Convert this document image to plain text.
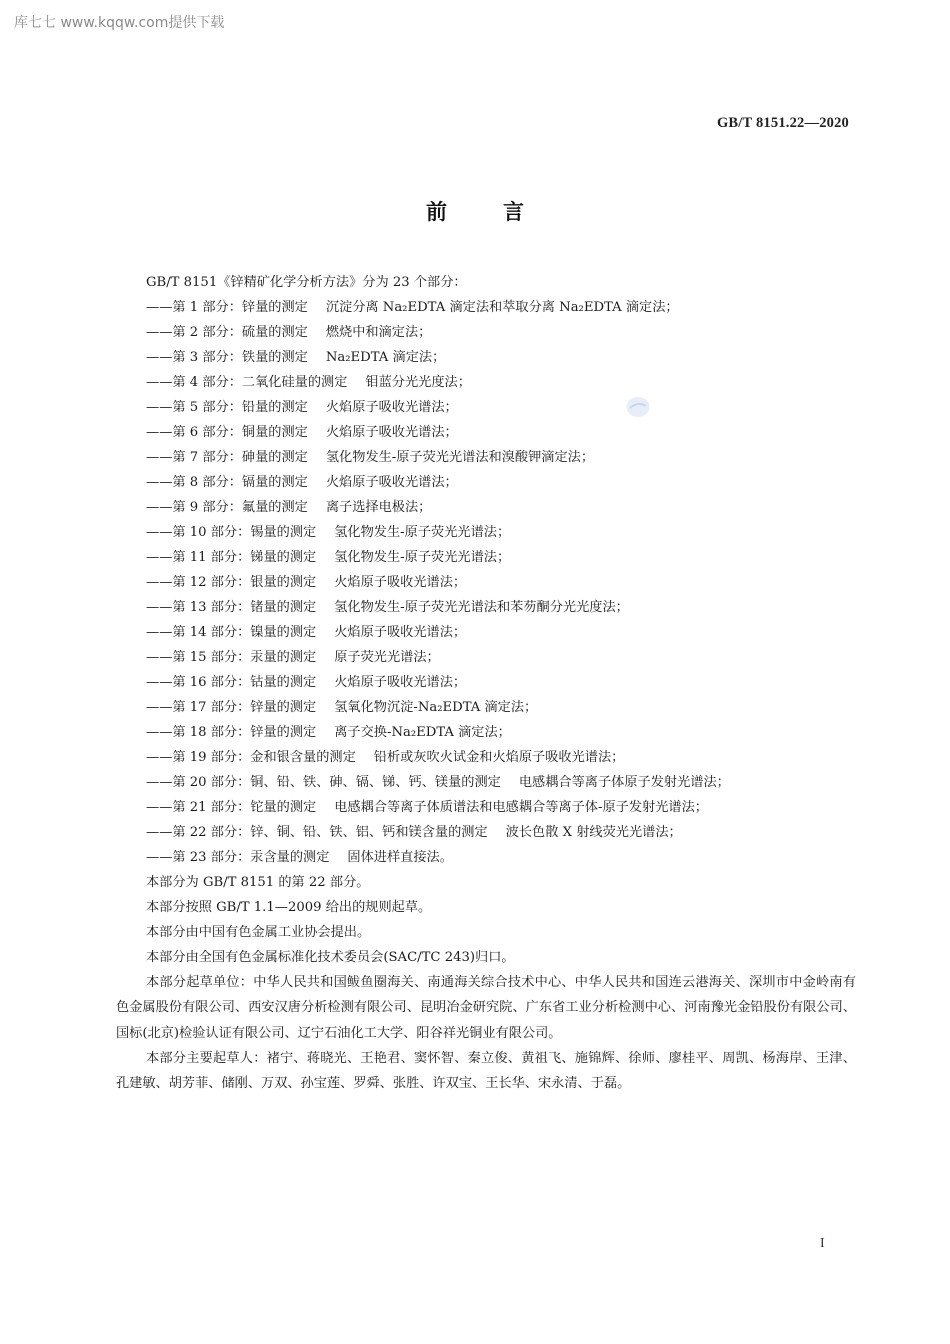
库七七 www.kqqw.com提供下载
GB/T 8151.22—2020
前言
GB/T 8151《锌精矿化学分析方法》分为 23 个部分：
——第 1 部分：锌量的测定 沉淀分离 Na₂EDTA 滴定法和萃取分离 Na₂EDTA 滴定法；
——第 2 部分：硫量的测定 燃烧中和滴定法；
——第 3 部分：铁量的测定 Na₂EDTA 滴定法；
——第 4 部分：二氧化硅量的测定 钼蓝分光光度法；
——第 5 部分：铅量的测定 火焰原子吸收光谱法；
——第 6 部分：铜量的测定 火焰原子吸收光谱法；
——第 7 部分：砷量的测定 氢化物发生-原子荧光光谱法和溴酸钾滴定法；
——第 8 部分：镉量的测定 火焰原子吸收光谱法；
——第 9 部分：氟量的测定 离子选择电极法；
——第 10 部分：锡量的测定 氢化物发生-原子荧光光谱法；
——第 11 部分：锑量的测定 氢化物发生-原子荧光光谱法；
——第 12 部分：银量的测定 火焰原子吸收光谱法；
——第 13 部分：锗量的测定 氢化物发生-原子荧光光谱法和苯芴酮分光光度法；
——第 14 部分：镍量的测定 火焰原子吸收光谱法；
——第 15 部分：汞量的测定 原子荧光光谱法；
——第 16 部分：钴量的测定 火焰原子吸收光谱法；
——第 17 部分：锌量的测定 氢氧化物沉淀-Na₂EDTA 滴定法；
——第 18 部分：锌量的测定 离子交换-Na₂EDTA 滴定法；
——第 19 部分：金和银含量的测定 铅析或灰吹火试金和火焰原子吸收光谱法；
——第 20 部分：铜、铅、铁、砷、镉、锑、钙、镁量的测定 电感耦合等离子体原子发射光谱法；
——第 21 部分：铊量的测定 电感耦合等离子体质谱法和电感耦合等离子体-原子发射光谱法；
——第 22 部分：锌、铜、铅、铁、铝、钙和镁含量的测定 波长色散 X 射线荧光光谱法；
——第 23 部分：汞含量的测定 固体进样直接法。
本部分为 GB/T 8151 的第 22 部分。
本部分按照 GB/T 1.1—2009 给出的规则起草。
本部分由中国有色金属工业协会提出。
本部分由全国有色金属标准化技术委员会(SAC/TC 243)归口。
本部分起草单位：中华人民共和国鲅鱼圈海关、南通海关综合技术中心、中华人民共和国连云港海关、深圳市中金岭南有色金属股份有限公司、西安汉唐分析检测有限公司、昆明冶金研究院、广东省工业分析检测中心、河南豫光金铅股份有限公司、国标(北京)检验认证有限公司、辽宁石油化工大学、阳谷祥光铜业有限公司。
本部分主要起草人：褚宁、蒋晓光、王艳君、窦怀智、秦立俊、黄祖飞、施锦辉、徐师、廖桂平、周凯、杨海岸、王津、孔建敏、胡芳菲、储刚、万双、孙宝莲、罗舜、张胜、许双宝、王长华、宋永清、于磊。
I
